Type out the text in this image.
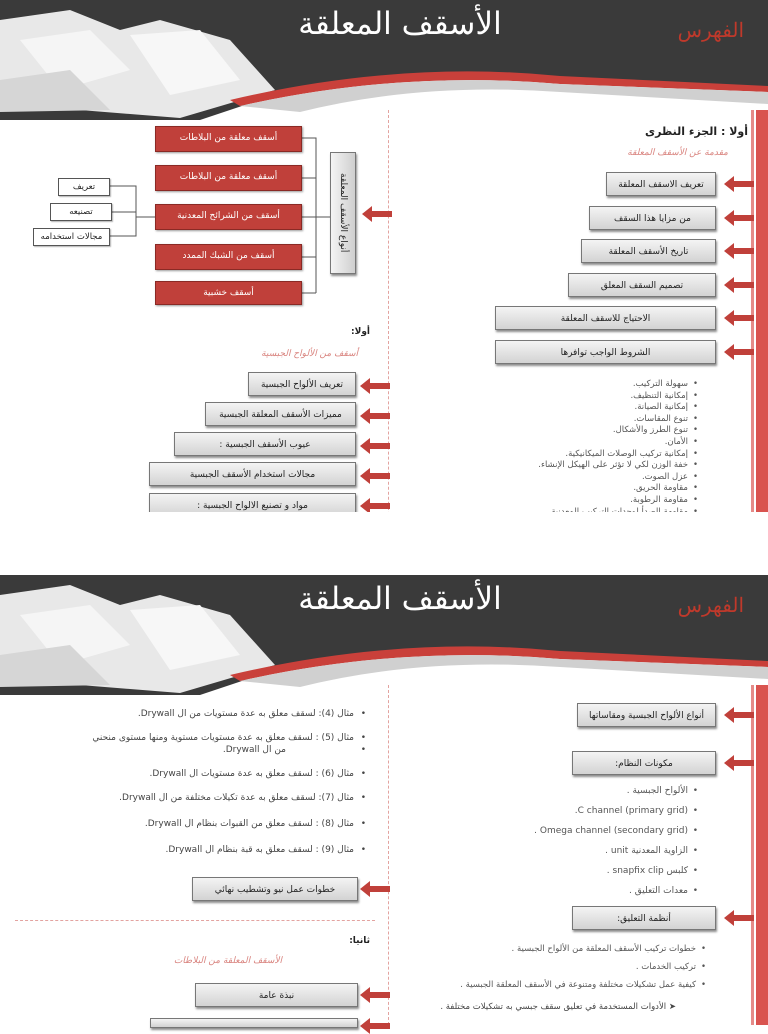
الأسقف المعلقة	الفهرس
أنواع الأسقف المعلقة
أسقف معلقة من البلاطات
أسقف معلقة من البلاطات
أسقف من الشرائح المعدنية
أسقف من الشبك الممدد
أسقف خشبية
تعريف
تصنيعه
مجالات استخدامه
أولا:
أسقف من الألواح الجبسية
تعريف الألواح الجبسية
مميزات الأسقف المعلقة الجبسية
عيوب الأسقف الجبسية :
مجالات استخدام الأسقف الجبسية
مواد و تصنيع الالواح الجبسية :
•
أولا : الجزء النظرى
مقدمة عن الأسقف المعلقة
تعريف الاسقف المعلقة
من مزايا هذا السقف
تاريخ الأسقف المعلقة
تصميم السقف المعلق
الاحتياج للاسقف المعلقة
الشروط الواجب توافرها
• سهولة التركيب.
• إمكانية التنظيف.
• إمكانية الصيانة.
• تنوع المقاسات.
• تنوع الطرز والأشكال.
• الأمان.
• إمكانية تركيب الوصلات الميكانيكية.
• خفة الوزن لكي لا تؤثر على الهيكل الإنشاء.
• عزل الصوت.
• مقاومة الحريق.
• مقاومة الرطوبة.
•
الأسقف المعلقة	الفهرس
• مثال (4): لسقف معلق به عدة مستويات من ال Drywall.
• مثال (5) : لسقف معلق به عدة مستويات مستوية ومنها مستوى منحني
• من ال Drywall.
• مثال (6) : لسقف معلق به عدة مستويات ال Drywall.
• مثال (7): لسقف معلق به عدة تكيلات مختلفة من ال Drywall.
• مثال (8) : لسقف معلق من القبوات بنظام ال Drywall.
• مثال (9) : لسقف معلق به قبة بنظام ال Drywall.
خطوات عمل نيو وتشطيب نهائي
ثانيا:
الأسقف المعلقة من البلاطات
نبذة عامة
أنواع الألواح الجبسية ومقاساتها
مكونات النظام:
• الألواح الجبسية .
• C channel (primary grid).
• Omega channel (secondary grid) .
• الزاوية المعدنية unit .
• كلبس snapfix clip .
• معدات التعليق .
أنظمة التعليق:
• خطوات تركيب الأسقف المعلقة من الألواح الجبسية .
• تركيب الخدمات .
• كيفية عمل تشكيلات مختلفة ومتنوعة في الأسقف المعلقة الجبسية .
➤ الأدوات المستخدمة في تعليق سقف جبسي به تشكيلات مختلفة .
